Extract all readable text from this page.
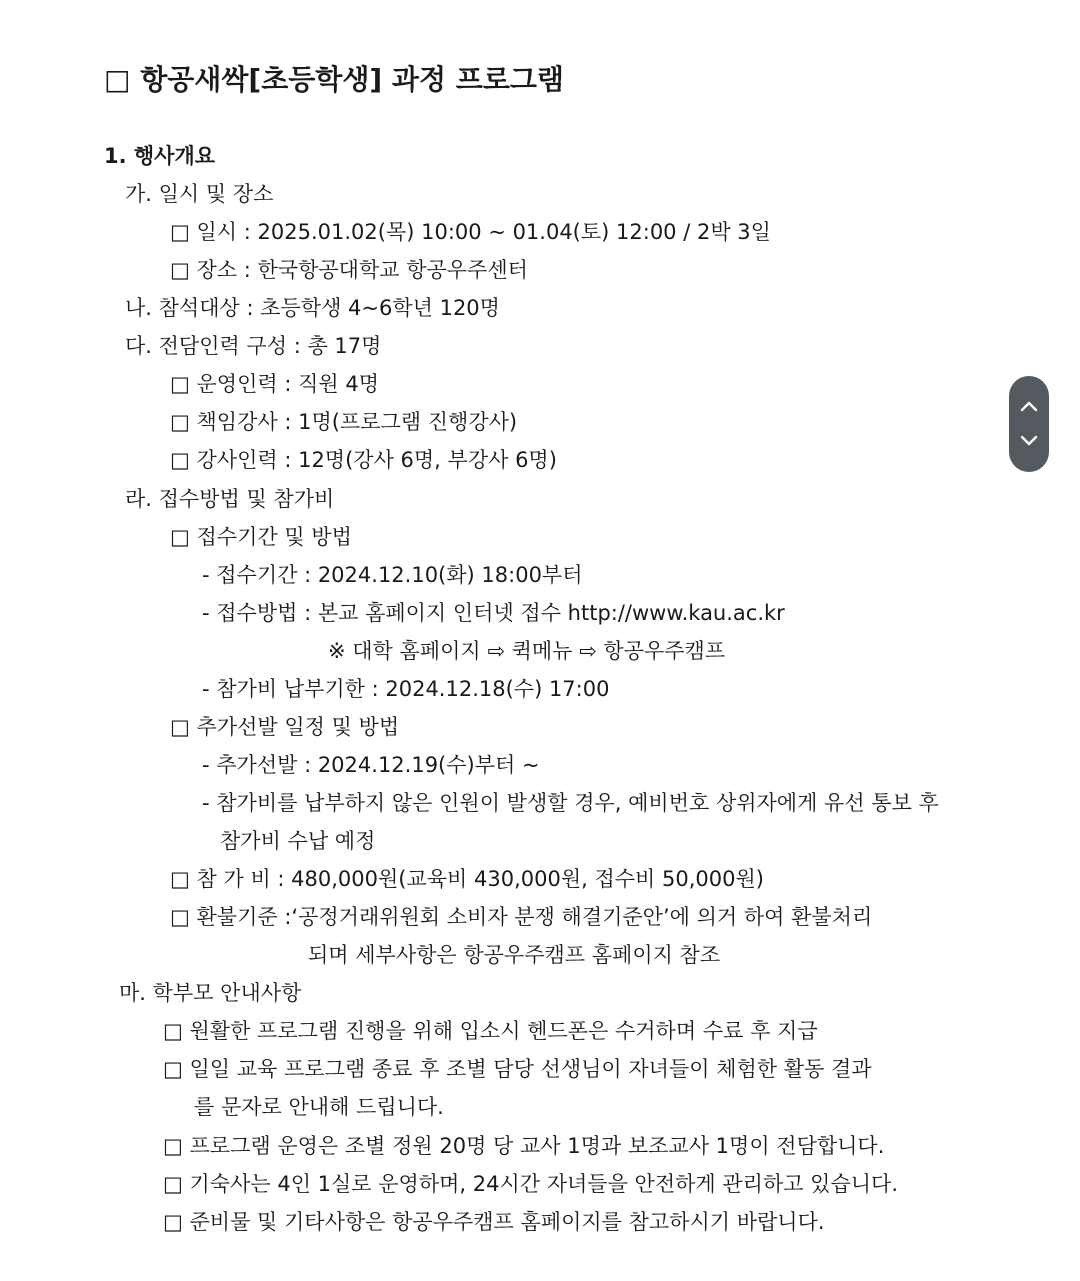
□ 항공새싹[초등학생] 과정 프로그램
1. 행사개요
가. 일시 및 장소
□ 일시 : 2025.01.02(목) 10:00 ~ 01.04(토) 12:00 / 2박 3일
□ 장소 : 한국항공대학교 항공우주센터
나. 참석대상 : 초등학생 4~6학년 120명
다. 전담인력 구성 : 총 17명
□ 운영인력 : 직원 4명
□ 책임강사 : 1명(프로그램 진행강사)
□ 강사인력 : 12명(강사 6명, 부강사 6명)
라. 접수방법 및 참가비
□ 접수기간 및 방법
- 접수기간 : 2024.12.10(화) 18:00부터
- 접수방법 : 본교 홈페이지 인터넷 접수 http://www.kau.ac.kr
※ 대학 홈페이지 ⇨ 퀵메뉴 ⇨ 항공우주캠프
- 참가비 납부기한 : 2024.12.18(수) 17:00
□ 추가선발 일정 및 방법
- 추가선발 : 2024.12.19(수)부터 ~
- 참가비를 납부하지 않은 인원이 발생할 경우, 예비번호 상위자에게 유선 통보 후
참가비 수납 예정
□ 참 가 비 : 480,000원(교육비 430,000원, 접수비 50,000원)
□ 환불기준 :‘공정거래위원회 소비자 분쟁 해결기준안’에 의거 하여 환불처리
되며 세부사항은 항공우주캠프 홈페이지 참조
마. 학부모 안내사항
□ 원활한 프로그램 진행을 위해 입소시 헨드폰은 수거하며 수료 후 지급
□ 일일 교육 프로그램 종료 후 조별 담당 선생님이 자녀들이 체험한 활동 결과
를 문자로 안내해 드립니다.
□ 프로그램 운영은 조별 정원 20명 당 교사 1명과 보조교사 1명이 전담합니다.
□ 기숙사는 4인 1실로 운영하며, 24시간 자녀들을 안전하게 관리하고 있습니다.
□ 준비물 및 기타사항은 항공우주캠프 홈페이지를 참고하시기 바랍니다.
